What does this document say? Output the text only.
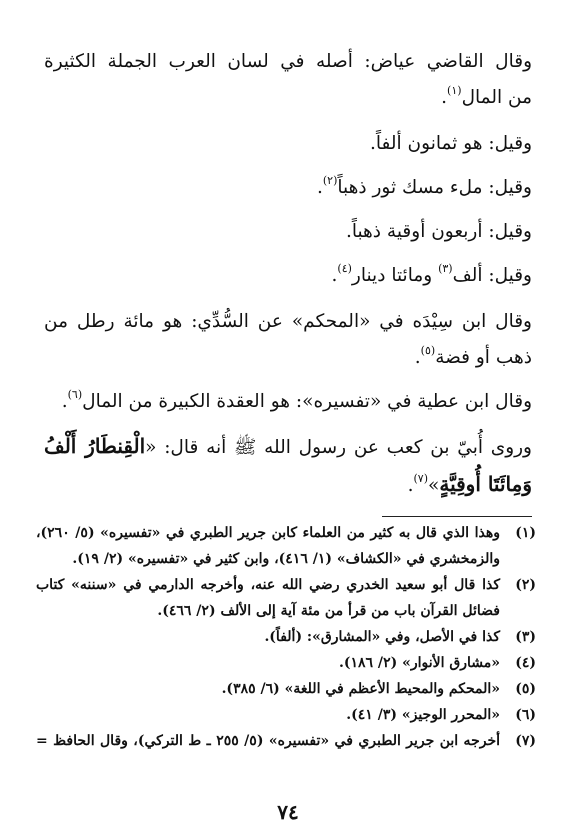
وقال القاضي عياض: أصله في لسان العرب الجملة الكثيرة
من المال$^{(١)}$.
وقيل: هو ثمانون ألفاً.
وقيل: ملء مسك ثور ذهباً$^{(٢)}$.
وقيل: أربعون أوقية ذهباً.
وقيل: ألف$^{(٣)}$ ومائتا دينار$^{(٤)}$.
وقال ابن سِيْدَه في «المحكم» عن السُّدِّي: هو مائة رطل من
ذهب أو فضة$^{(٥)}$.
وقال ابن عطية في «تفسيره»: هو العقدة الكبيرة من المال$^{(٦)}$.
وروى أُبيّ بن كعب عن رسول الله ﷺ أنه قال: «الْقِنطَارُ أَلْفُ
وَمِائَتَا أُوقِيَّةٍ»$^{(٧)}$.
(١)
وهذا الذي قال به كثير من العلماء كابن جرير الطبري في «تفسيره» (٥/ ٢٦٠)،
والزمخشري في «الكشاف» (١/ ٤١٦)، وابن كثير في «تفسيره» (٢/ ١٩).
(٢)
كذا قال أبو سعيد الخدري رضي الله عنه، وأخرجه الدارمي في «سننه» كتاب
فضائل القرآن باب من قرأ من مئة آية إلى الألف (٢/ ٤٦٦).
(٣)
كذا في الأصل، وفي «المشارق»: (ألفاً).
(٤)
«مشارق الأنوار» (٢/ ١٨٦).
(٥)
«المحكم والمحيط الأعظم في اللغة» (٦/ ٣٨٥).
(٦)
«المحرر الوجيز» (٣/ ٤١).
(٧)
أخرجه ابن جرير الطبري في «تفسيره» (٥/ ٢٥٥ ـ ط التركي)، وقال الحافظ =
٧٤
